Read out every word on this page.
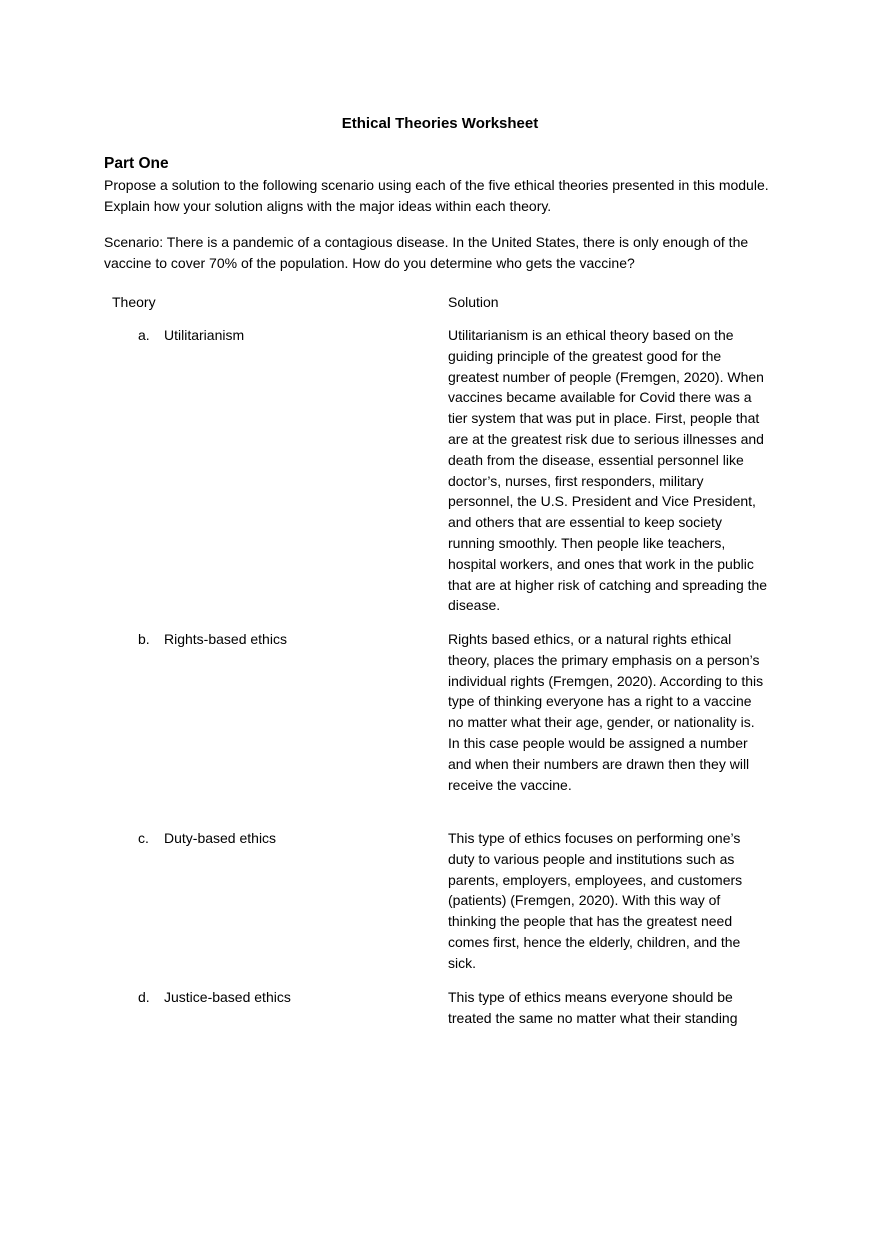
Ethical Theories Worksheet
Part One

Propose a solution to the following scenario using each of the five ethical theories presented in this module. Explain how your solution aligns with the major ideas within each theory.

Scenario: There is a pandemic of a contagious disease. In the United States, there is only enough of the vaccine to cover 70% of the population. How do you determine who gets the vaccine?

Theory	Solution
a. Utilitarianism	Utilitarianism is an ethical theory based on the guiding principle of the greatest good for the greatest number of people (Fremgen, 2020). When vaccines became available for Covid there was a tier system that was put in place. First, people that are at the greatest risk due to serious illnesses and death from the disease, essential personnel like doctor’s, nurses, first responders, military personnel, the U.S. President and Vice President, and others that are essential to keep society running smoothly. Then people like teachers, hospital workers, and ones that work in the public that are at higher risk of catching and spreading the disease.

b. Rights-based ethics	Rights based ethics, or a natural rights ethical theory, places the primary emphasis on a person’s individual rights (Fremgen, 2020). According to this type of thinking everyone has a right to a vaccine no matter what their age, gender, or nationality is. In this case people would be assigned a number and when their numbers are drawn then they will receive the vaccine.

c. Duty-based ethics	This type of ethics focuses on performing one’s duty to various people and institutions such as parents, employers, employees, and customers (patients) (Fremgen, 2020). With this way of thinking the people that has the greatest need comes first, hence the elderly, children, and the sick.

d. Justice-based ethics	This type of ethics means everyone should be treated the same no matter what their standing
